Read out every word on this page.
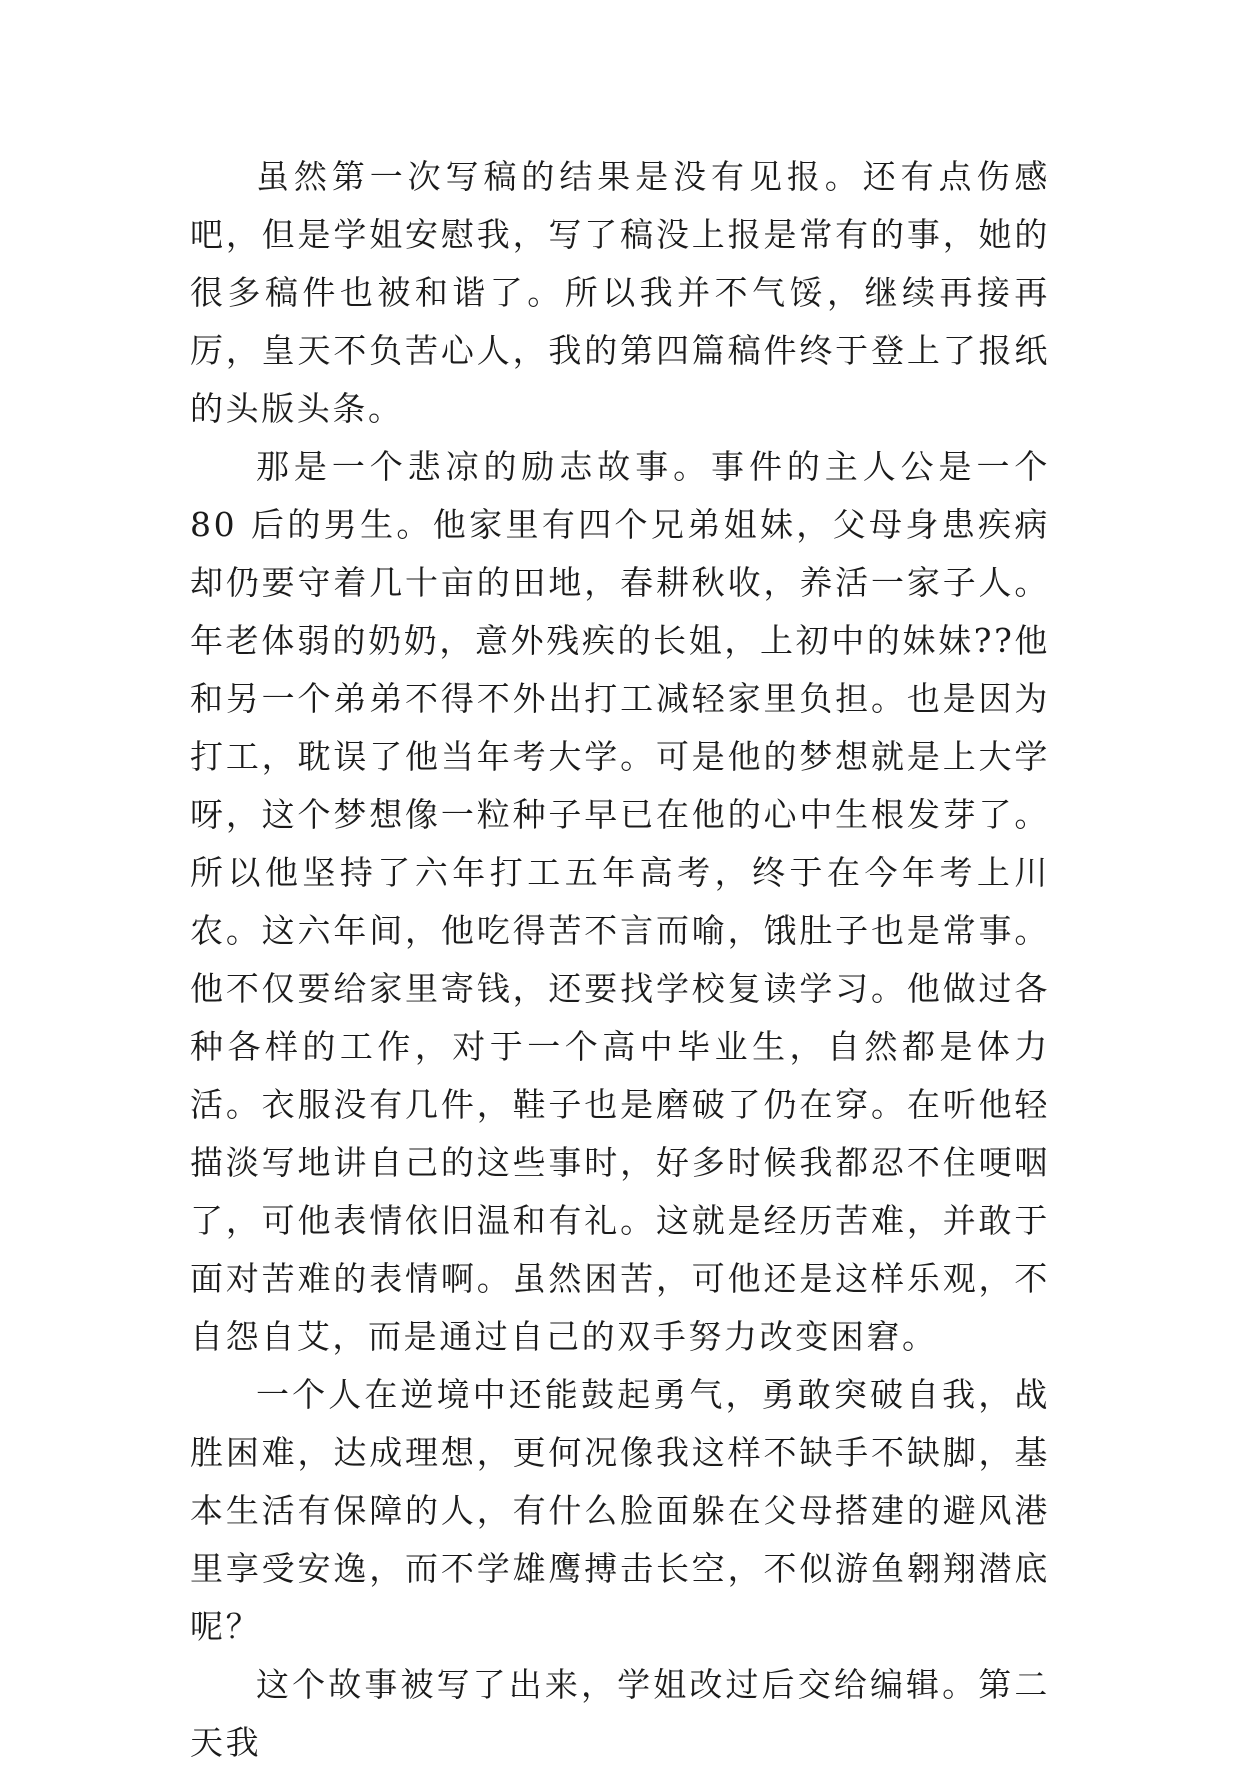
虽然第一次写稿的结果是没有见报。还有点伤感吧，但是学姐安慰我，写了稿没上报是常有的事，她的很多稿件也被和谐了。所以我并不气馁，继续再接再厉，皇天不负苦心人，我的第四篇稿件终于登上了报纸的头版头条。

那是一个悲凉的励志故事。事件的主人公是一个 80 后的男生。他家里有四个兄弟姐妹，父母身患疾病却仍要守着几十亩的田地，春耕秋收，养活一家子人。年老体弱的奶奶，意外残疾的长姐，上初中的妹妹??他和另一个弟弟不得不外出打工减轻家里负担。也是因为打工，耽误了他当年考大学。可是他的梦想就是上大学呀，这个梦想像一粒种子早已在他的心中生根发芽了。所以他坚持了六年打工五年高考，终于在今年考上川农。这六年间，他吃得苦不言而喻，饿肚子也是常事。他不仅要给家里寄钱，还要找学校复读学习。他做过各种各样的工作，对于一个高中毕业生，自然都是体力活。衣服没有几件，鞋子也是磨破了仍在穿。在听他轻描淡写地讲自己的这些事时，好多时候我都忍不住哽咽了，可他表情依旧温和有礼。这就是经历苦难，并敢于面对苦难的表情啊。虽然困苦，可他还是这样乐观，不自怨自艾，而是通过自己的双手努力改变困窘。

一个人在逆境中还能鼓起勇气，勇敢突破自我，战胜困难，达成理想，更何况像我这样不缺手不缺脚，基本生活有保障的人，有什么脸面躲在父母搭建的避风港里享受安逸，而不学雄鹰搏击长空，不似游鱼翱翔潜底呢？

这个故事被写了出来，学姐改过后交给编辑。第二天我
